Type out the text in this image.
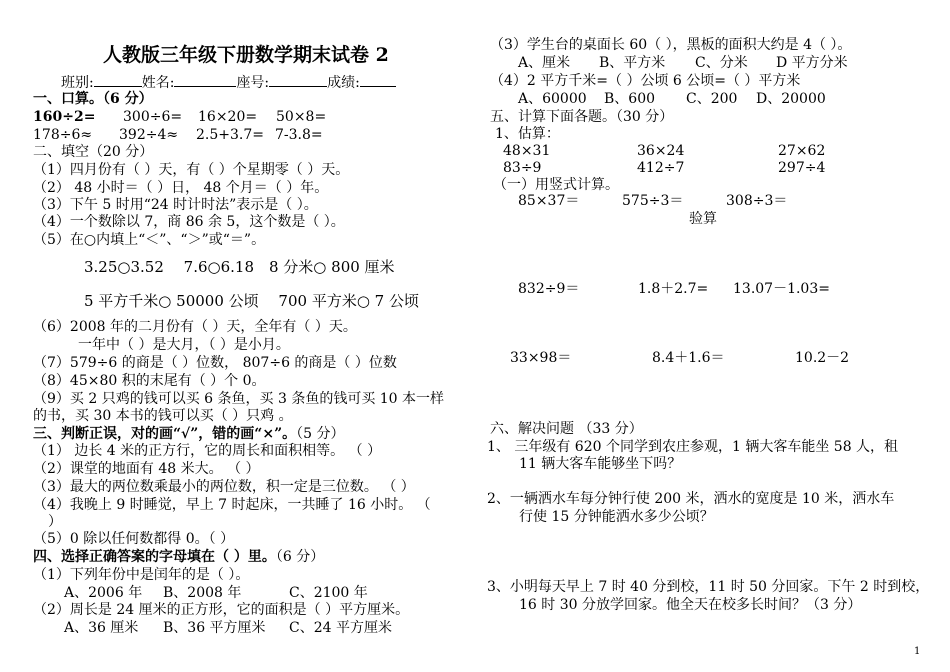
人教版三年级下册数学期末试卷 2
班别:	姓名:	座号:	成绩:
一、口算。（6 分）
160÷2= 300÷6= 16×20= 50×8=
178÷6≈ 392÷4≈ 2.5+3.7= 7-3.8=
二、填空（20 分）
（1）四月份有（ ）天，有（ ）个星期零（ ）天。
（2） 48 小时＝（ ）日， 48 个月＝（ ）年。
（3）下午 5 时用“24 时计时法”表示是（ ）。
（4）一个数除以 7，商 86 余 5，这个数是（ ）。
（5）在○内填上“＜”、“＞”或“＝”。
3.25○3.52　 7.6○6.18　8 分米○ 800 厘米
5 平方千米○ 50000 公顷　 700 平方米○ 7 公顷
（6）2008 年的二月份有（ ）天，全年有（ ）天。
一年中（ ）是大月，（ ）是小月。
（7）579÷6 的商是（ ）位数， 807÷6 的商是（ ）位数
（8）45×80 积的末尾有（ ）个 0。
（9）买 2 只鸡的钱可以买 6 条鱼，买 3 条鱼的钱可买 10 本一样
的书，买 30 本书的钱可以买（ ）只鸡 。
三、判断正误，对的画“√”，错的画“×”。（5 分）
（1） 边长 4 米的正方行，它的周长和面积相等。 （ ）
（2）课堂的地面有 48 米大。 （ ）
（3）最大的两位数乘最小的两位数，积一定是三位数。 （ ）
（4）我晚上 9 时睡觉，早上 7 时起床，一共睡了 16 小时。 （
）
（5）0 除以任何数都得 0。（ ）
四、选择正确答案的字母填在（ ）里。（6 分）
（1）下列年份中是闰年的是（ ）。
A、2006 年 B、2008 年	C、2100 年
（2）周长是 24 厘米的正方形，它的面积是（ ）平方厘米。
A、36 厘米 B、36 平方厘米 C、24 平方厘米
（3）学生台的桌面长 60（ ），黑板的面积大约是 4（ ）。
A、厘米 B、平方米 C、分米 D 平方分米
（4）2 平方千米=（ ）公顷 6 公顷=（ ）平方米
A、60000 B、600 C、200 D、20000
五、计算下面各题。（30 分）
1、估算：
48×31	36×24	27×62
83÷9	412÷7	297÷4
（一）用竖式计算。
85×37＝	575÷3＝	308÷3＝
验算
832÷9＝	1.8＋2.7= 13.07－1.03=
33×98＝	8.4＋1.6＝	10.2－2
六、解决问题 （33 分）
1、 三年级有 620 个同学到农庄参观，1 辆大客车能坐 58 人，租
11 辆大客车能够坐下吗？
2、一辆洒水车每分钟行使 200 米，洒水的宽度是 10 米，洒水车
行使 15 分钟能洒水多少公顷？
3、小明每天早上 7 时 40 分到校，11 时 50 分回家。下午 2 时到校，
16 时 30 分放学回家。他全天在校多长时间？（3 分）
1
